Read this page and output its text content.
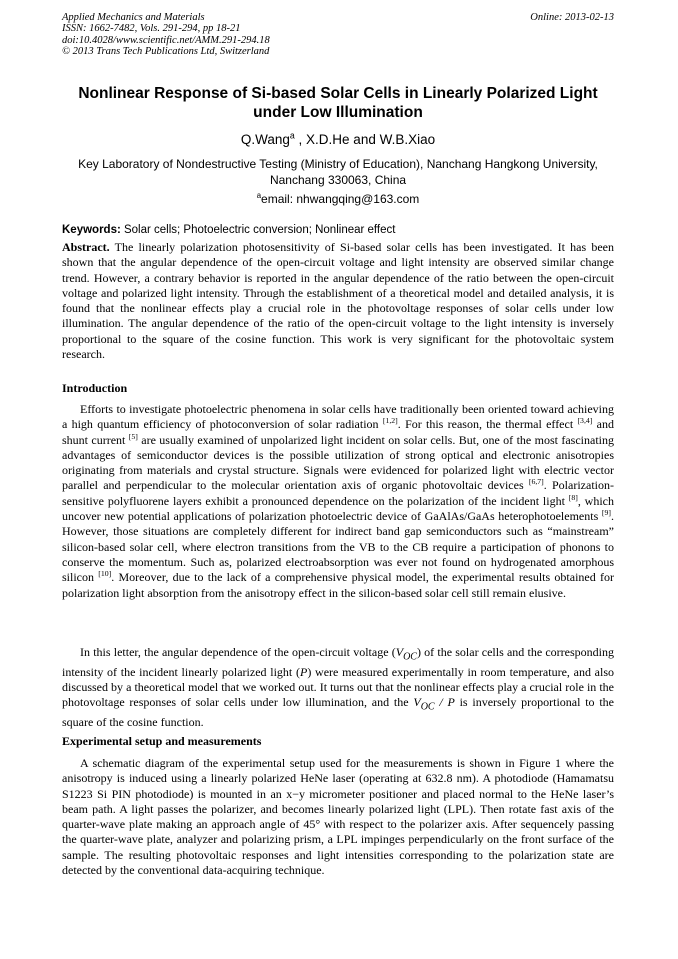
Applied Mechanics and Materials
ISSN: 1662-7482, Vols. 291-294, pp 18-21
doi:10.4028/www.scientific.net/AMM.291-294.18
© 2013 Trans Tech Publications Ltd, Switzerland
Online: 2013-02-13
Nonlinear Response of Si-based Solar Cells in Linearly Polarized Light under Low Illumination
Q.Wang$^a$ , X.D.He and W.B.Xiao
Key Laboratory of Nondestructive Testing (Ministry of Education), Nanchang Hangkong University, Nanchang 330063, China
$^a$email: nhwangqing@163.com
Keywords: Solar cells; Photoelectric conversion; Nonlinear effect
Abstract. The linearly polarization photosensitivity of Si-based solar cells has been investigated. It has been shown that the angular dependence of the open-circuit voltage and light intensity are observed similar change trend. However, a contrary behavior is reported in the angular dependence of the ratio between the open-circuit voltage and polarized light intensity. Through the establishment of a theoretical model and detailed analysis, it is found that the nonlinear effects play a crucial role in the photovoltage responses of solar cells under low illumination. The angular dependence of the ratio of the open-circuit voltage to the light intensity is inversely proportional to the square of the cosine function. This work is very significant for the photovoltaic system research.
Introduction
Efforts to investigate photoelectric phenomena in solar cells have traditionally been oriented toward achieving a high quantum efficiency of photoconversion of solar radiation [1,2]. For this reason, the thermal effect [3,4] and shunt current [5] are usually examined of unpolarized light incident on solar cells. But, one of the most fascinating advantages of semiconductor devices is the possible utilization of strong optical and electronic anisotropies originating from materials and crystal structure. Signals were evidenced for polarized light with electric vector parallel and perpendicular to the molecular orientation axis of organic photovoltaic devices [6,7]. Polarization-sensitive polyfluorene layers exhibit a pronounced dependence on the polarization of the incident light [8], which uncover new potential applications of polarization photoelectric device of GaAlAs/GaAs heterophotoelements [9]. However, those situations are completely different for indirect band gap semiconductors such as “mainstream” silicon-based solar cell, where electron transitions from the VB to the CB require a participation of phonons to conserve the momentum. Such as, polarized electroabsorption was ever not found on hydrogenated amorphous silicon [10]. Moreover, due to the lack of a comprehensive physical model, the experimental results obtained for polarization light absorption from the anisotropy effect in the silicon-based solar cell still remain elusive.
In this letter, the angular dependence of the open-circuit voltage $(V_{OC})$ of the solar cells and the corresponding intensity of the incident linearly polarized light (P) were measured experimentally in room temperature, and also discussed by a theoretical model that we worked out. It turns out that the nonlinear effects play a crucial role in the photovoltage responses of solar cells under low illumination, and the $V_{OC}$ / P is inversely proportional to the square of the cosine function.
Experimental setup and measurements
A schematic diagram of the experimental setup used for the measurements is shown in Figure 1 where the anisotropy is induced using a linearly polarized HeNe laser (operating at 632.8 nm). A photodiode (Hamamatsu S1223 Si PIN photodiode) is mounted in an x−y micrometer positioner and placed normal to the HeNe laser’s beam path. A light passes the polarizer, and becomes linearly polarized light (LPL). Then rotate fast axis of the quarter-wave plate making an approach angle of 45° with respect to the polarizer axis. After sequencely passing the quarter-wave plate, analyzer and polarizing prism, a LPL impinges perpendicularly on the front surface of the sample. The resulting photovoltaic responses and light intensities corresponding to the polarization state are detected by the conventional data-acquiring technique.
